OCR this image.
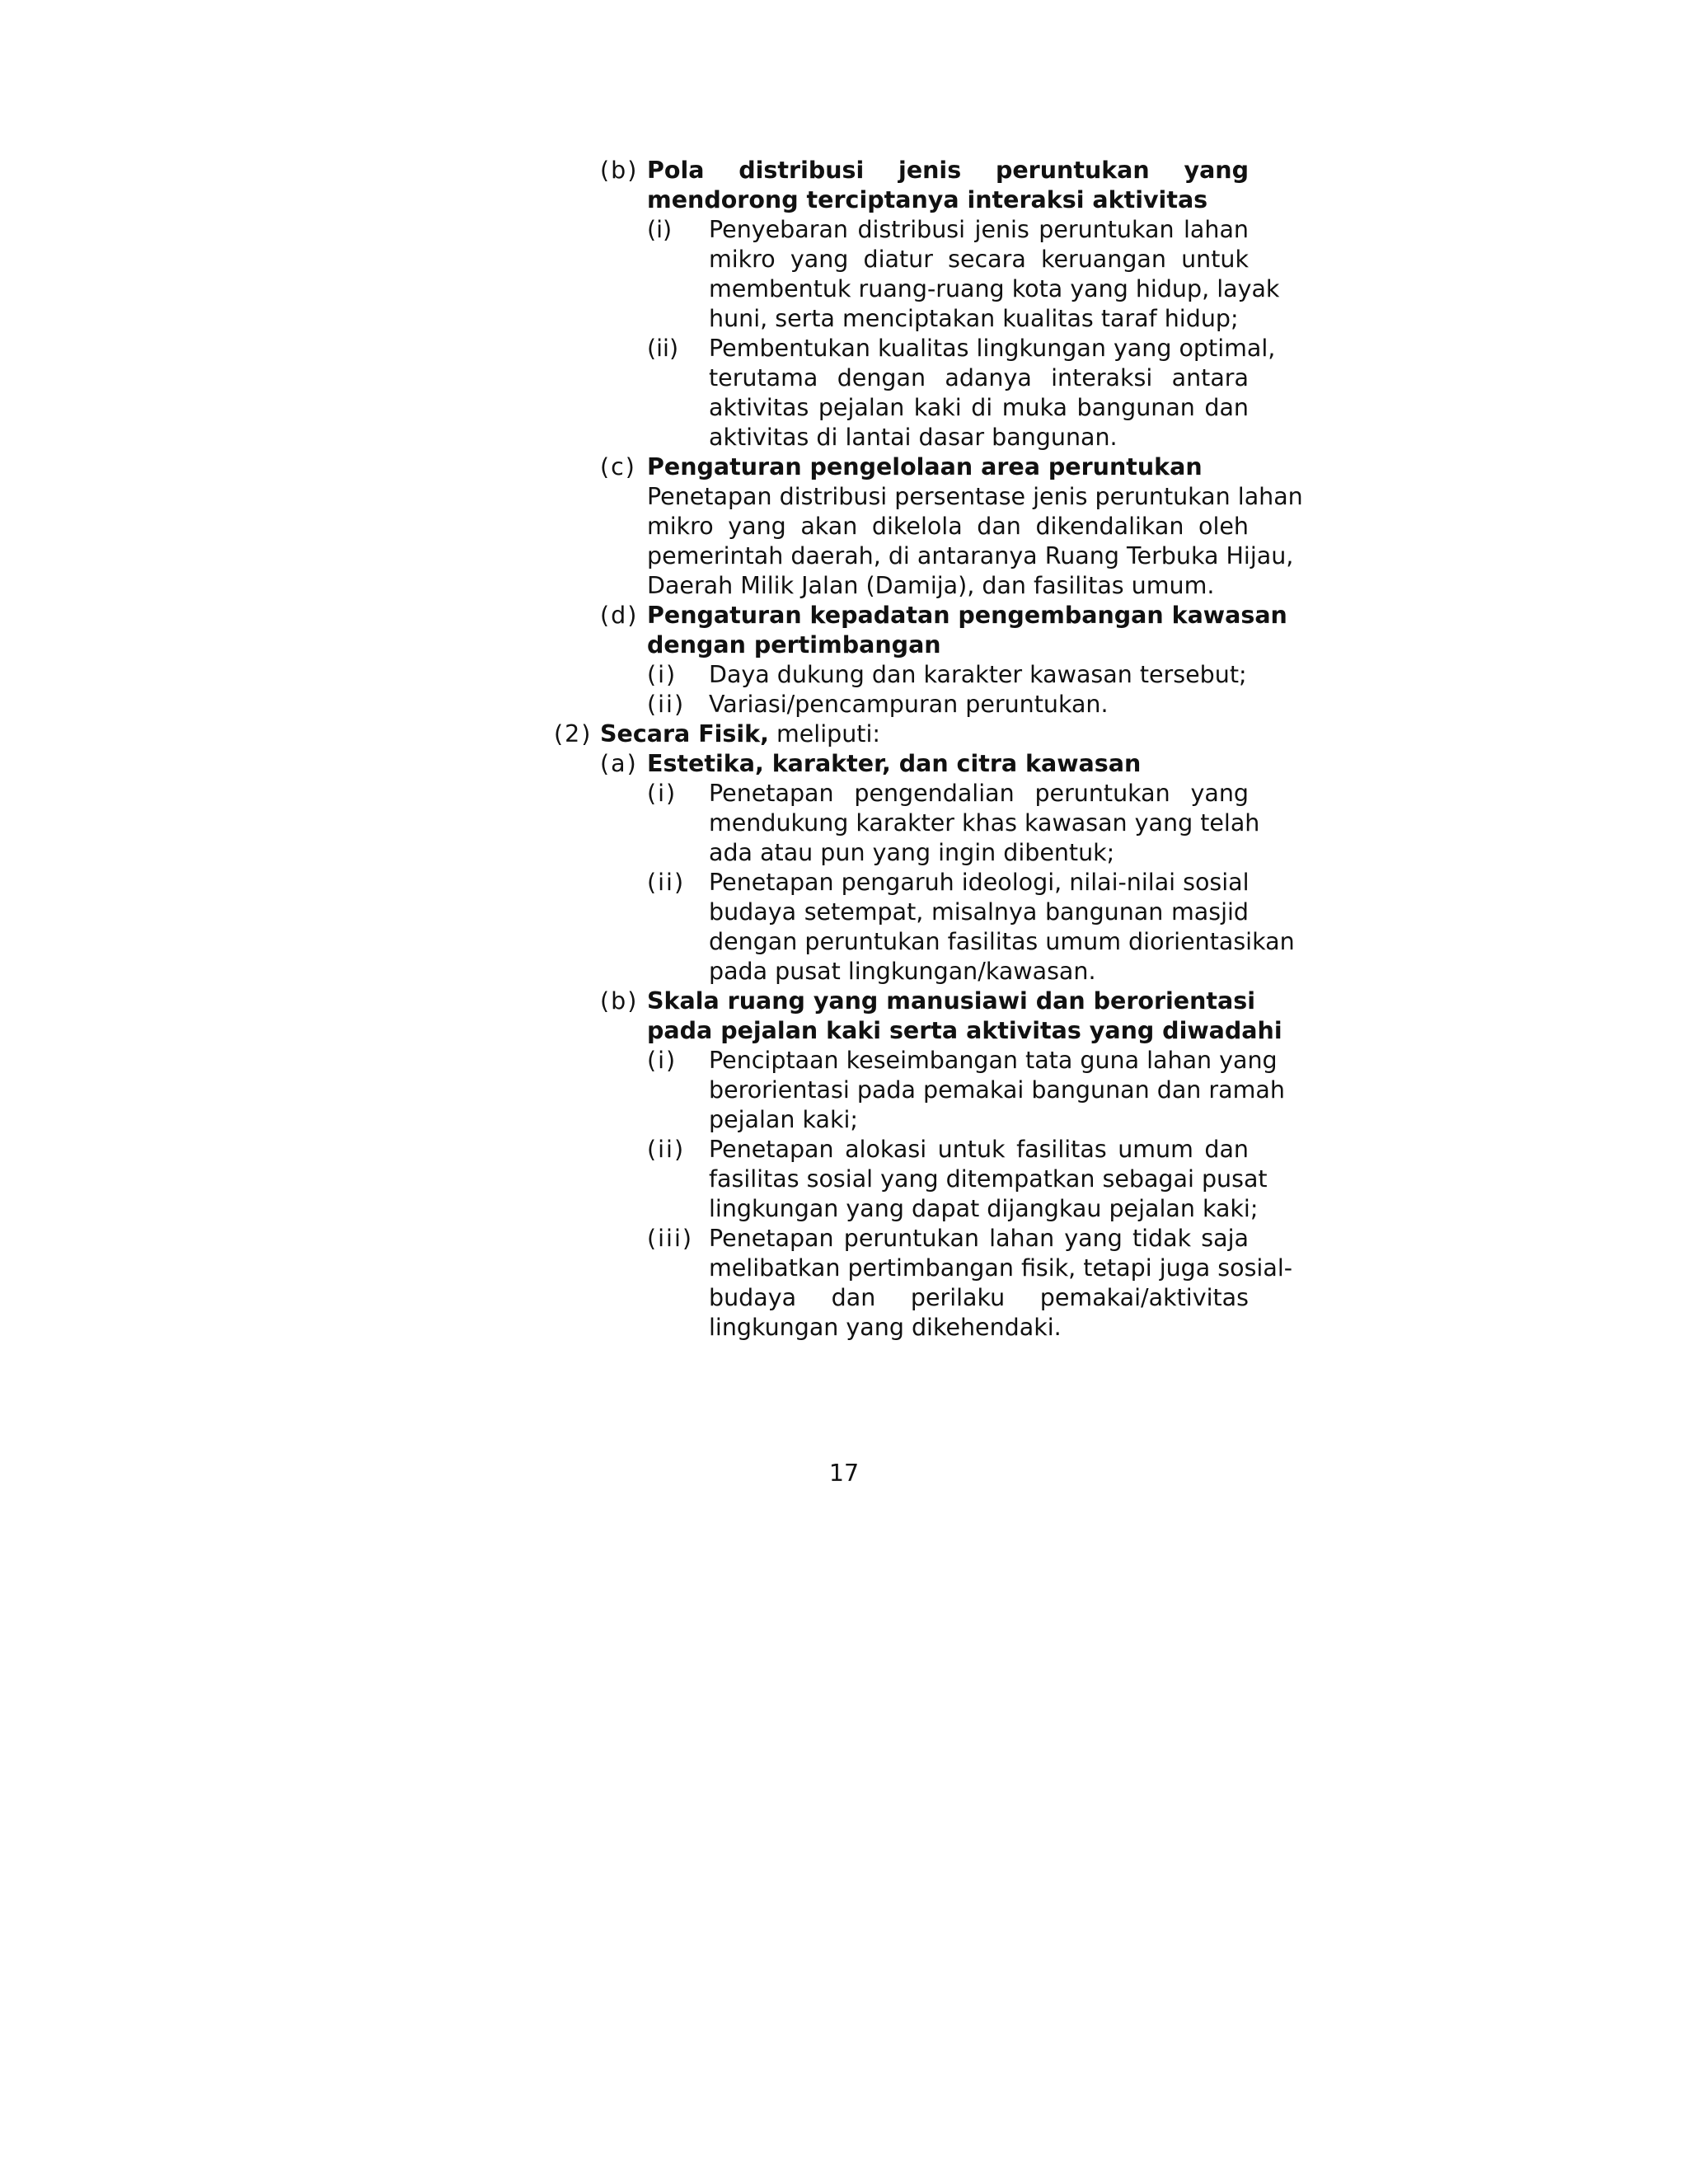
(b) Pola distribusi jenis peruntukan yang
mendorong terciptanya interaksi aktivitas
(i) Penyebaran distribusi jenis peruntukan lahan
mikro yang diatur secara keruangan untuk
membentuk ruang-ruang kota yang hidup, layak
huni, serta menciptakan kualitas taraf hidup;
(ii) Pembentukan kualitas lingkungan yang optimal,
terutama dengan adanya interaksi antara
aktivitas pejalan kaki di muka bangunan dan
aktivitas di lantai dasar bangunan.
(c) Pengaturan pengelolaan area peruntukan
Penetapan distribusi persentase jenis peruntukan lahan
mikro yang akan dikelola dan dikendalikan oleh
pemerintah daerah, di antaranya Ruang Terbuka Hijau,
Daerah Milik Jalan (Damija), dan fasilitas umum.
(d) Pengaturan kepadatan pengembangan kawasan
dengan pertimbangan
(i) Daya dukung dan karakter kawasan tersebut;
(ii) Variasi/pencampuran peruntukan.
(2) Secara Fisik, meliputi:
(a) Estetika, karakter, dan citra kawasan
(i) Penetapan pengendalian peruntukan yang
mendukung karakter khas kawasan yang telah
ada atau pun yang ingin dibentuk;
(ii) Penetapan pengaruh ideologi, nilai-nilai sosial
budaya setempat, misalnya bangunan masjid
dengan peruntukan fasilitas umum diorientasikan
pada pusat lingkungan/kawasan.
(b) Skala ruang yang manusiawi dan berorientasi
pada pejalan kaki serta aktivitas yang diwadahi
(i) Penciptaan keseimbangan tata guna lahan yang
berorientasi pada pemakai bangunan dan ramah
pejalan kaki;
(ii) Penetapan alokasi untuk fasilitas umum dan
fasilitas sosial yang ditempatkan sebagai pusat
lingkungan yang dapat dijangkau pejalan kaki;
(iii) Penetapan peruntukan lahan yang tidak saja
melibatkan pertimbangan fisik, tetapi juga sosial-
budaya dan perilaku pemakai/aktivitas
lingkungan yang dikehendaki.
17
